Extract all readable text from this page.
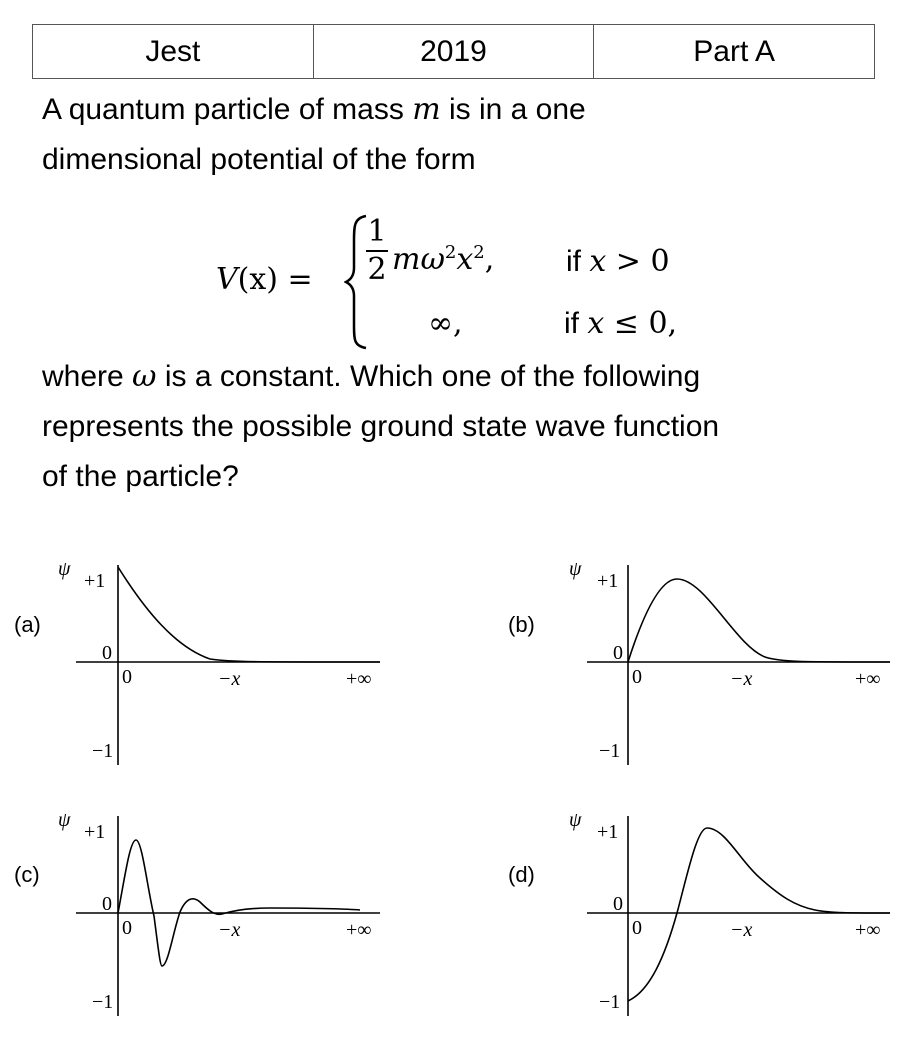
Jest	2019	Part A
A quantum particle of mass m is in a one
dimensional potential of the form
V(x) =
1
2 $m\omega^2x^2$, if x > 0
∞,	if x ≤ 0,
where ω is a constant. Which one of the following
represents the possible ground state wave function
of the particle?
(a)
ψ
+1
0
−1
0	−x	+∞
(b)
ψ
+1
0
−1
0	−x	+∞
(c)
ψ
+1
0
−1
0	−x	+∞
(d)
ψ
+1
0
−1
0	−x	+∞
